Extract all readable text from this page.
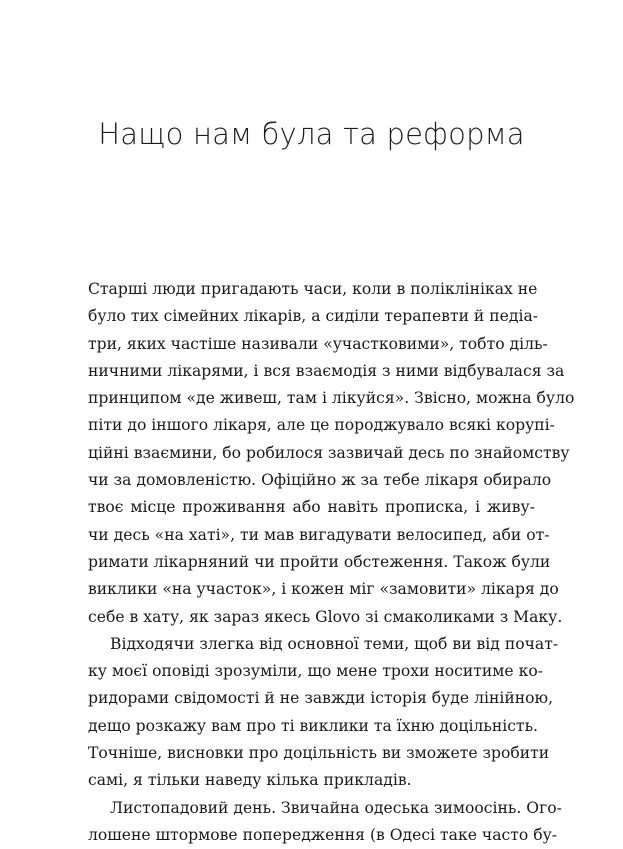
Нащо нам була та реформа

Старші люди пригадають часи, коли в поліклініках не
було тих сімейних лікарів, а сиділи терапевти й педіа-
три, яких частіше називали «участковими», тобто діль-
ничними лікарями, і вся взаємодія з ними відбувалася за
принципом «де живеш, там і лікуйся». Звісно, можна було
піти до іншого лікаря, але це породжувало всякі корупі-
ційні взаємини, бо робилося зазвичай десь по знайомству
чи за домовленістю. Офіційно ж за тебе лікаря обирало
твоє місце проживання або навіть прописка, і живу-
чи десь «на хаті», ти мав вигадувати велосипед, аби от-
римати лікарняний чи пройти обстеження. Також були
виклики «на участок», і кожен міг «замовити» лікаря до
себе в хату, як зараз якесь Glovo зі смаколиками з Маку.

Відходячи злегка від основної теми, щоб ви від почат-
ку моєї оповіді зрозуміли, що мене трохи носитиме ко-
ридорами свідомості й не завжди історія буде лінійною,
дещо розкажу вам про ті виклики та їхню доцільність.
Точніше, висновки про доцільність ви зможете зробити
самі, я тільки наведу кілька прикладів.

Листопадовий день. Звичайна одеська зимоосінь. Ого-
лошене штормове попередження (в Одесі таке часто бу-
